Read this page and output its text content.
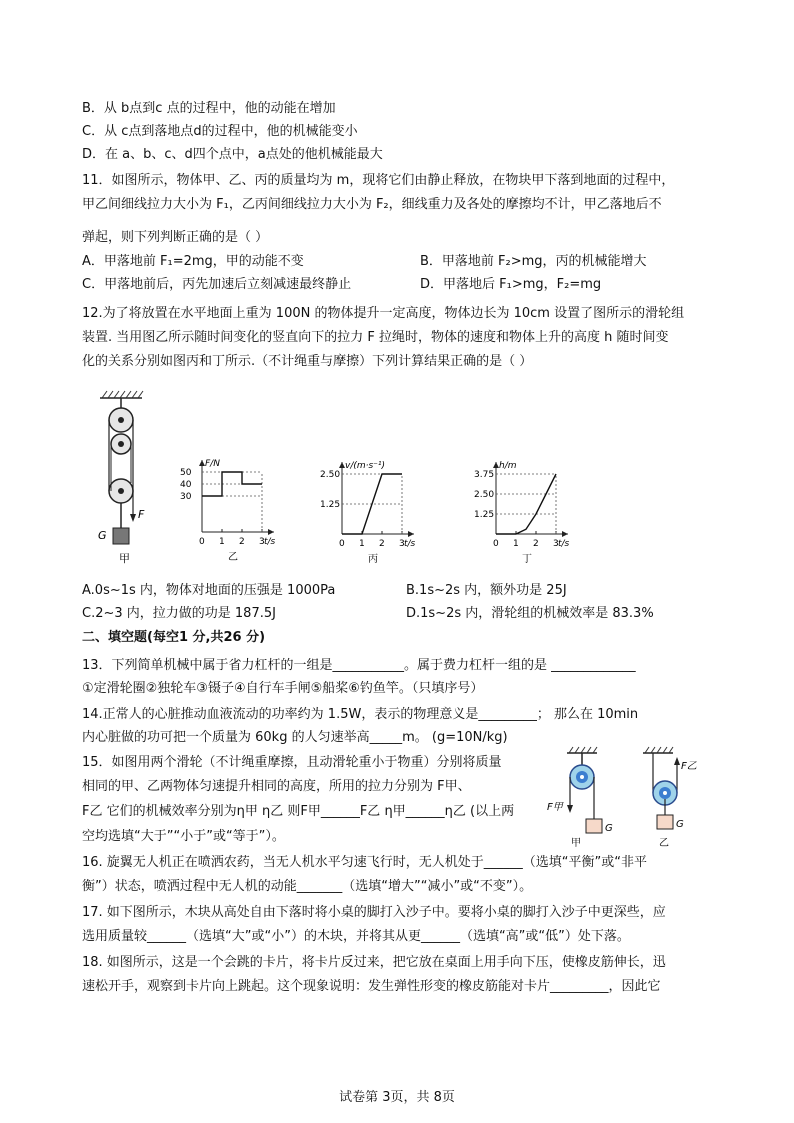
B．从 b点到c 点的过程中，他的动能在增加
C．从 c点到落地点d的过程中，他的机械能变小
D．在 a、b、c、d四个点中，a点处的他机械能最大
11．如图所示，物体甲、乙、丙的质量均为 m，现将它们由静止释放，在物块甲下落到地面的过程中，
甲乙间细线拉力大小为 F₁，乙丙间细线拉力大小为 F₂，细线重力及各处的摩擦均不计，甲乙落地后不
弹起，则下列判断正确的是（ ）
A．甲落地前 F₁=2mg，甲的动能不变	B．甲落地前 F₂>mg，丙的机械能增大
C．甲落地前后，丙先加速后立刻减速最终静止	D．甲落地后 F₁>mg，F₂=mg
12.为了将放置在水平地面上重为 100N 的物体提升一定高度，物体边长为 10cm 设置了图所示的滑轮组
装置. 当用图乙所示随时间变化的竖直向下的拉力 F 拉绳时，物体的速度和物体上升的高度 h 随时间变
化的关系分别如图丙和丁所示.（不计绳重与摩擦）下列计算结果正确的是（ ）
F
G
甲
0 1 2 3 t/s
30
40
50
F/N
乙
0 1 2 3 t/s
1.25
2.50
v/(m·s⁻¹)
丙
0 1 2 3 t/s
1.25
2.50
3.75
h/m
丁
A.0s~1s 内，物体对地面的压强是 1000Pa	B.1s~2s 内，额外功是 25J
C.2~3 内，拉力做的功是 187.5J	D.1s~2s 内，滑轮组的机械效率是 83.3%
二、填空题(每空1 分,共26 分)
13．下列简单机械中属于省力杠杆的一组是___________。属于费力杠杆一组的是 _____________
①定滑轮圈②独轮车③镊子④自行车手闸⑤船桨⑥钓鱼竿。（只填序号）
14.正常人的心脏推动血液流动的功率约为 1.5W，表示的物理意义是_________； 那么在 10min
内心脏做的功可把一个质量为 60kg 的人匀速举高_____m。 (g=10N/kg)
15．如图用两个滑轮（不计绳重摩擦，且动滑轮重小于物重）分别将质量
相同的甲、乙两物体匀速提升相同的高度，所用的拉力分别为 F甲、
F乙 它们的机械效率分别为η甲 η乙 则F甲______F乙 η甲______η乙 (以上两
空均选填“大于”“小于”或“等于”）。
F甲
G
甲
F乙
G
乙
16. 旋翼无人机正在喷洒农药，当无人机水平匀速飞行时，无人机处于______（选填“平衡”或“非平
衡”）状态，喷洒过程中无人机的动能_______（选填“增大”“减小”或“不变”）。
17. 如下图所示，木块从高处自由下落时将小桌的脚打入沙子中。要将小桌的脚打入沙子中更深些，应
选用质量较______（选填“大”或“小”）的木块，并将其从更______（选填“高”或“低”）处下落。
18. 如图所示，这是一个会跳的卡片，将卡片反过来，把它放在桌面上用手向下压，使橡皮筋伸长，迅
速松开手，观察到卡片向上跳起。这个现象说明：发生弹性形变的橡皮筋能对卡片_________，因此它
试卷第 3页，共 8页
